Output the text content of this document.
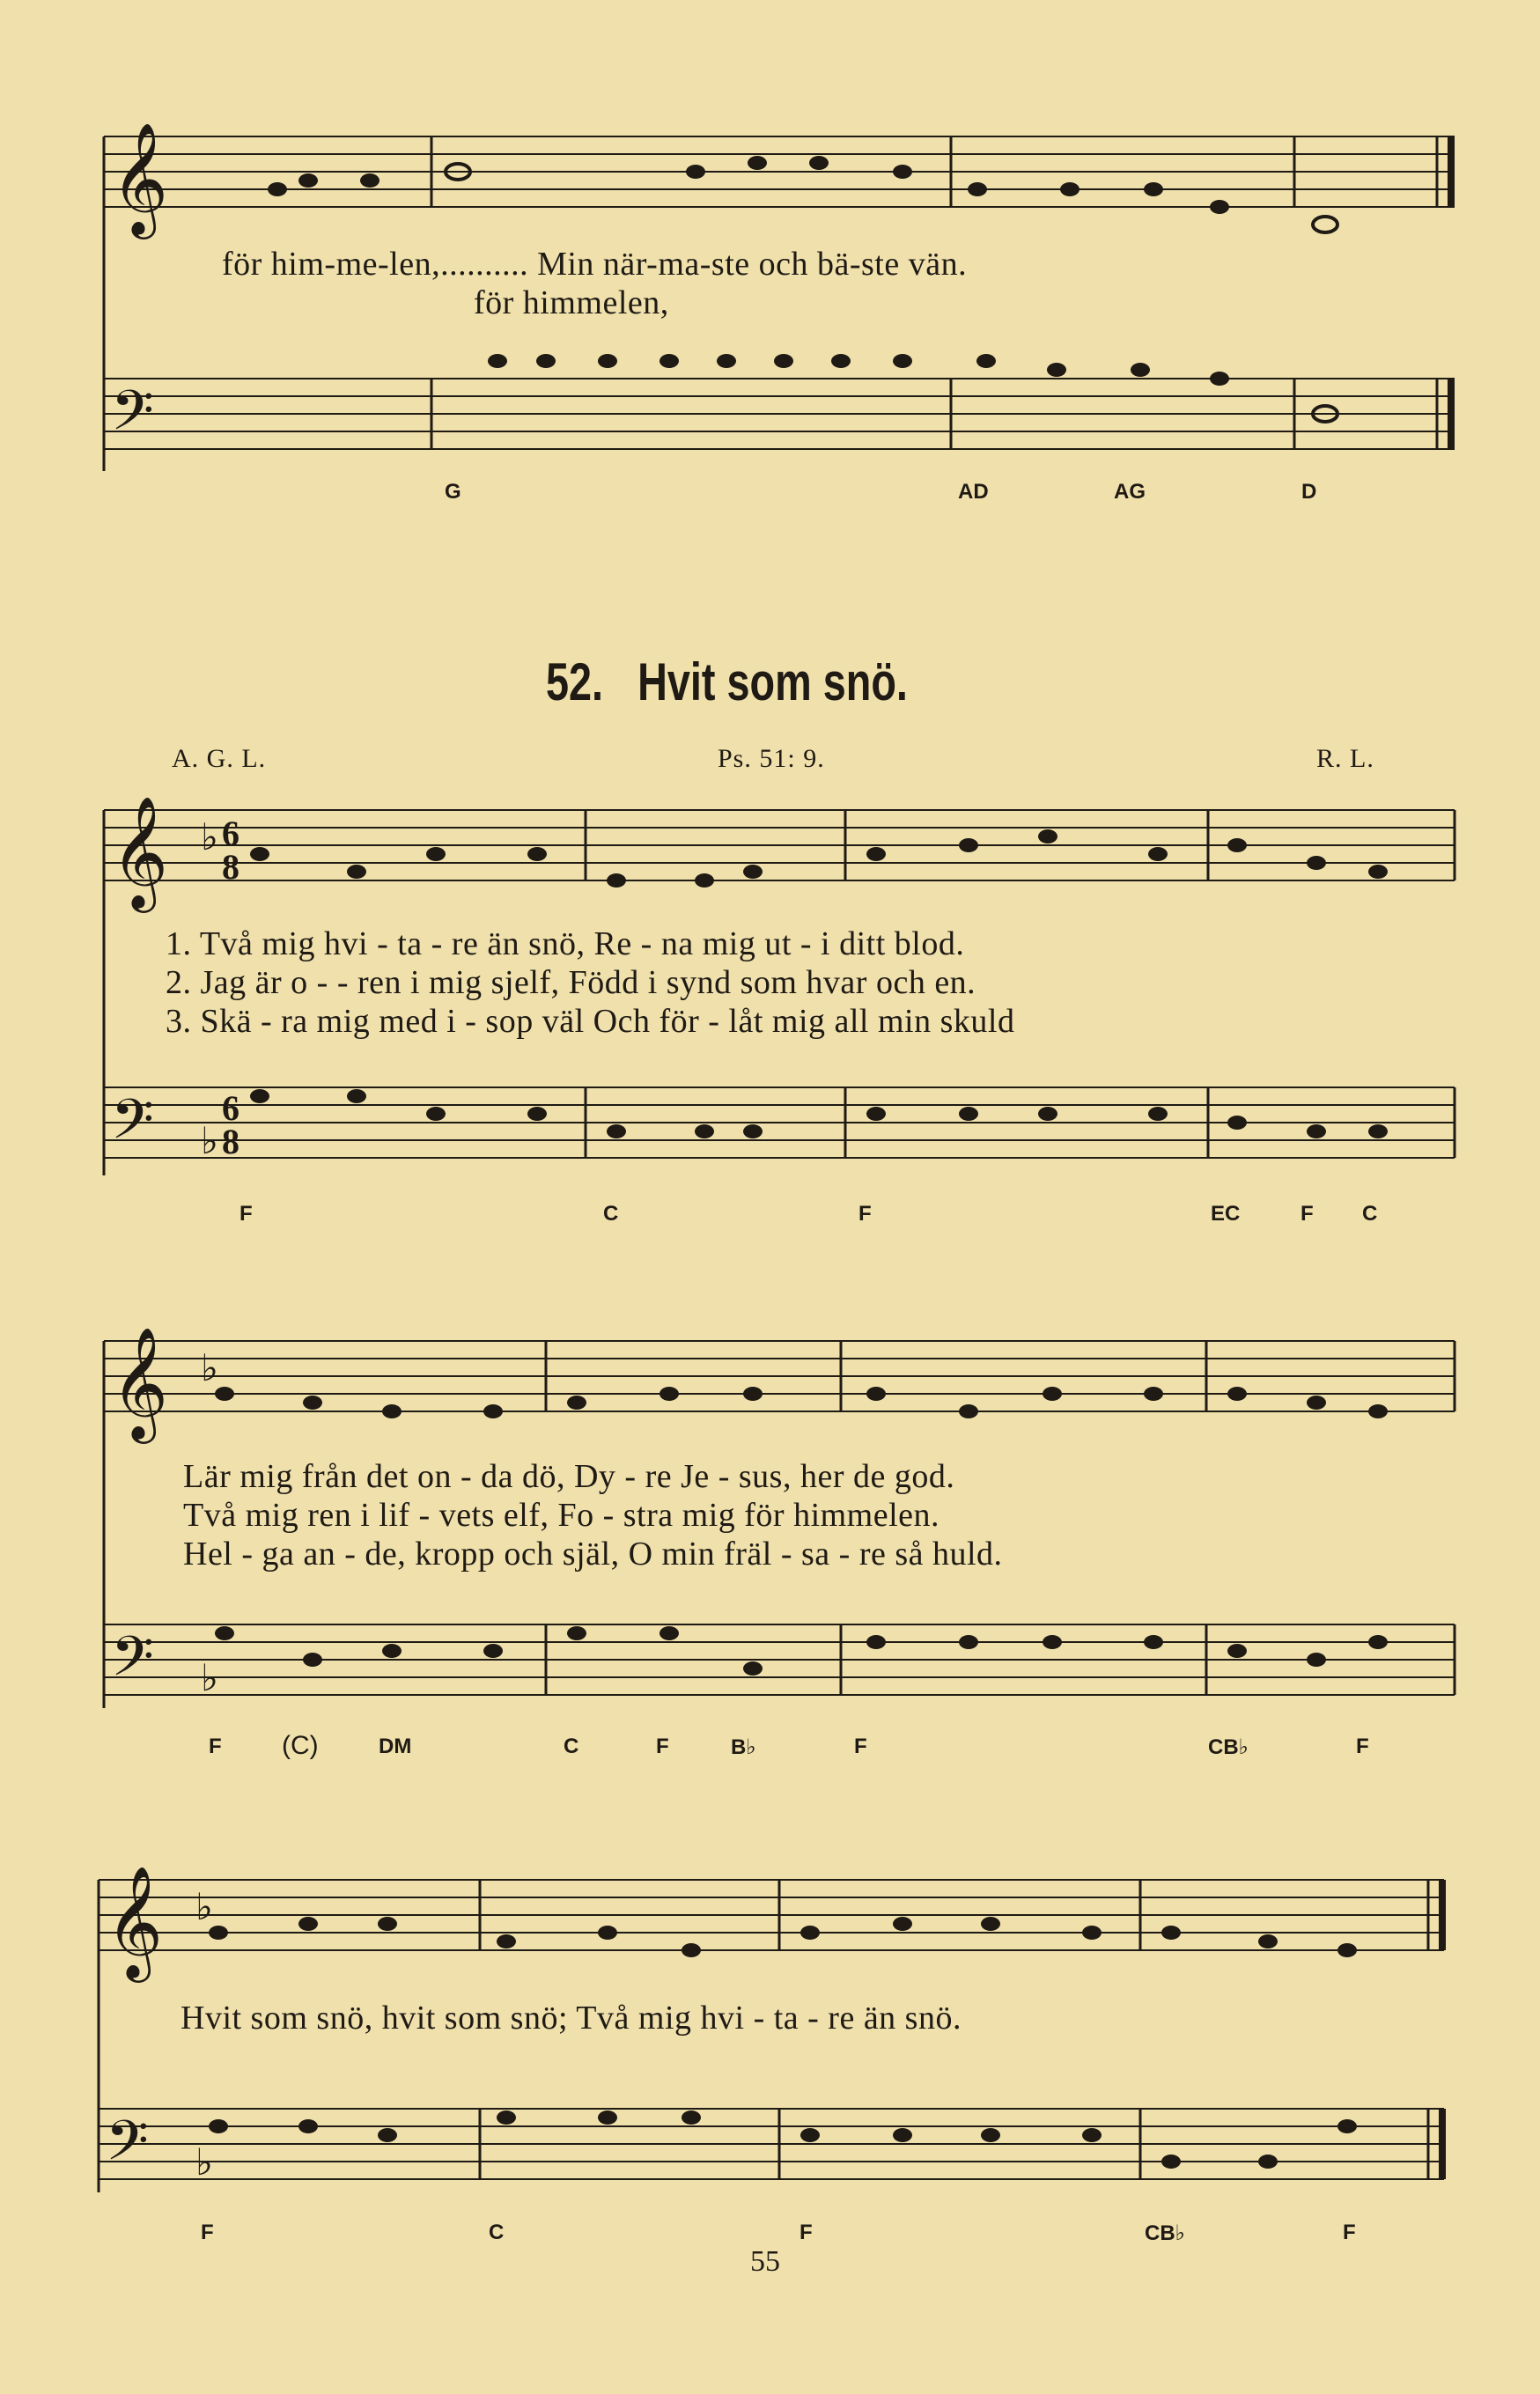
𝄞
𝄢
för him-me-len,.......... Min när-ma-ste och bä-ste vän.
för himmelen,
G	AD	AG	D
52. Hvit som snö.
A. G. L.	Ps. 51: 9.	R. L.
𝄞 ♭ 6
8
𝄢 ♭
6
8
1. Två mig hvi - ta - re än snö, Re - na mig ut - i ditt blod.
2. Jag är o - - ren i mig sjelf, Född i synd som hvar och en.
3. Skä - ra mig med i - sop väl Och för - låt mig all min skuld
F	C	F	EC	F C
𝄞 ♭
𝄢 ♭
Lär mig från det on - da dö, Dy - re Je - sus, her de god.
Två mig ren i lif - vets elf, Fo - stra mig för himmelen.
Hel - ga an - de, kropp och själ, O min fräl - sa - re så huld.
F (C)	DM	C	F	B♭	F	CB♭	F
𝄞 ♭
𝄢 ♭
Hvit som snö, hvit som snö; Två mig hvi - ta - re än snö.
F	C	F	CB♭	F
55
